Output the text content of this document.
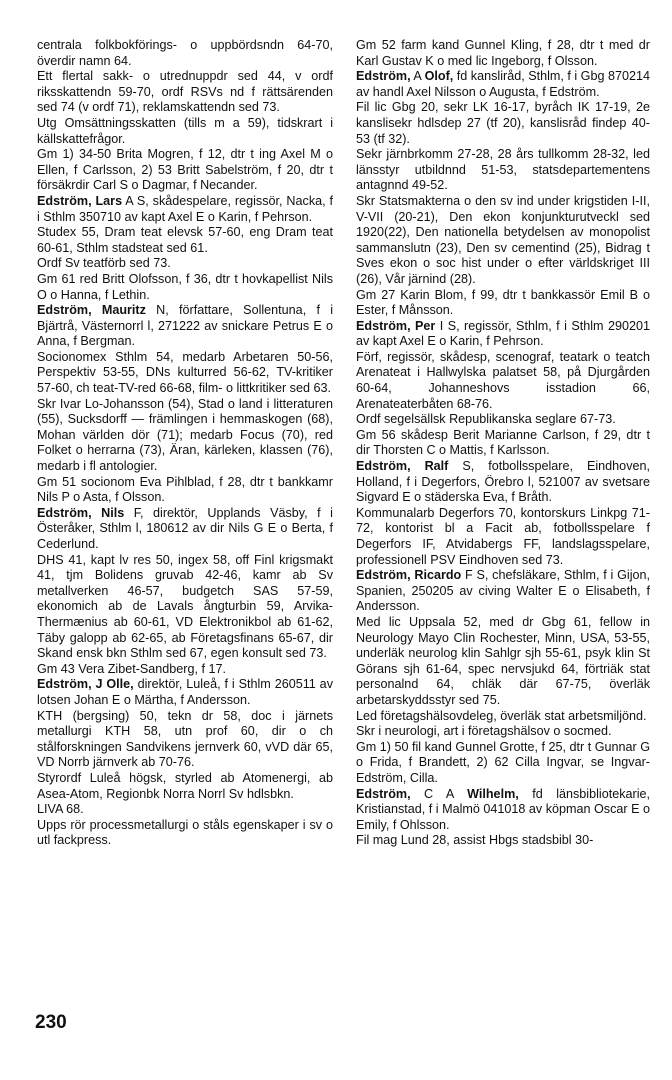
centrala folkbokförings- o uppbördsndn 64-70, överdir namn 64.

Ett flertal sakk- o utrednuppdr sed 44, v ordf riksskattendn 59-70, ordf RSVs nd f rättsärenden sed 74 (v ordf 71), reklamskattendn sed 73.

Utg Omsättningsskatten (tills m a 59), tidskrart i källskattefrågor.

Gm 1) 34-50 Brita Mogren, f 12, dtr t ing Axel M o Ellen, f Carlsson, 2) 53 Britt Sabelström, f 20, dtr t försäkrdir Carl S o Dagmar, f Necander.

Edström, Lars A S, skådespelare, regissör, Nacka, f i Sthlm 350710 av kapt Axel E o Karin, f Pehrson.

Studex 55, Dram teat elevsk 57-60, eng Dram teat 60-61, Sthlm stadsteat sed 61.

Ordf Sv teatförb sed 73.

Gm 61 red Britt Olofsson, f 36, dtr t hovkapellist Nils O o Hanna, f Lethin.

Edström, Mauritz N, författare, Sollentuna, f i Bjärtrå, Västernorrl l, 271222 av snickare Petrus E o Anna, f Bergman.

Socionomex Sthlm 54, medarb Arbetaren 50-56, Perspektiv 53-55, DNs kulturred 56-62, TV-kritiker 57-60, ch teat-TV-red 66-68, film- o littkritiker sed 63.

Skr Ivar Lo-Johansson (54), Stad o land i litteraturen (55), Sucksdorff — främlingen i hemmaskogen (68), Mohan världen dör (71); medarb Focus (70), red Folket o herrarna (73), Äran, kärleken, klassen (76), medarb i fl antologier.

Gm 51 socionom Eva Pihlblad, f 28, dtr t bankkamr Nils P o Asta, f Olsson.

Edström, Nils F, direktör, Upplands Väsby, f i Österåker, Sthlm l, 180612 av dir Nils G E o Berta, f Cederlund.

DHS 41, kapt lv res 50, ingex 58, off Finl krigsmakt 41, tjm Bolidens gruvab 42-46, kamr ab Sv metallverken 46-57, budgetch SAS 57-59, ekonomich ab de Lavals ångturbin 59, Arvika-Thermænius ab 60-61, VD Elektronikbol ab 61-62, Täby galopp ab 62-65, ab Företagsfinans 65-67, dir Skand ensk bkn Sthlm sed 67, egen konsult sed 73.

Gm 43 Vera Zibet-Sandberg, f 17.

Edström, J Olle, direktör, Luleå, f i Sthlm 260511 av lotsen Johan E o Märtha, f Andersson.

KTH (bergsing) 50, tekn dr 58, doc i järnets metallurgi KTH 58, utn prof 60, dir o ch stålforskningen Sandvikens jernverk 60, vVD där 65, VD Norrb järnverk ab 70-76.

Styrordf Luleå högsk, styrled ab Atomenergi, ab Asea-Atom, Regionbk Norra Norrl Sv hdlsbkn.

LIVA 68.

Upps rör processmetallurgi o ståls egenskaper i sv o utl fackpress.

Gm 52 farm kand Gunnel Kling, f 28, dtr t med dr Karl Gustav K o med lic Ingeborg, f Olsson.

Edström, A Olof, fd kansliråd, Sthlm, f i Gbg 870214 av handl Axel Nilsson o Augusta, f Edström.

Fil lic Gbg 20, sekr LK 16-17, byråch IK 17-19, 2e kanslisekr hdlsdep 27 (tf 20), kanslisråd findep 40-53 (tf 32).

Sekr järnbrkomm 27-28, 28 års tullkomm 28-32, led länsstyr utbildnnd 51-53, statsdepartementens antagnnd 49-52.

Skr Statsmakterna o den sv ind under krigstiden I-II, V-VII (20-21), Den ekon konjunkturutveckl sed 1920(22), Den nationella betydelsen av monopolist sammanslutn (23), Den sv cementind (25), Bidrag t Sves ekon o soc hist under o efter världskriget III (26), Vår järnind (28).

Gm 27 Karin Blom, f 99, dtr t bankkassör Emil B o Ester, f Månsson.

Edström, Per I S, regissör, Sthlm, f i Sthlm 290201 av kapt Axel E o Karin, f Pehrson.

Förf, regissör, skådesp, scenograf, teatark o teatch Arenateat i Hallwylska palatset 58, på Djurgården 60-64, Johanneshovs isstadion 66, Arenateaterbåten 68-76.

Ordf segelsällsk Republikanska seglare 67-73.

Gm 56 skådesp Berit Marianne Carlson, f 29, dtr t dir Thorsten C o Mattis, f Karlsson.

Edström, Ralf S, fotbollsspelare, Eindhoven, Holland, f i Degerfors, Örebro l, 521007 av svetsare Sigvard E o städerska Eva, f Bråth.

Kommunalarb Degerfors 70, kontorskurs Linkpg 71-72, kontorist bl a Facit ab, fotbollsspelare f Degerfors IF, Atvidabergs FF, landslagsspelare, professionell PSV Eindhoven sed 73.

Edström, Ricardo F S, chefsläkare, Sthlm, f i Gijon, Spanien, 250205 av civing Walter E o Elisabeth, f Andersson.

Med lic Uppsala 52, med dr Gbg 61, fellow in Neurology Mayo Clin Rochester, Minn, USA, 53-55, underläk neurolog klin Sahlgr sjh 55-61, psyk klin St Görans sjh 61-64, spec nervsjukd 64, förtriäk stat personalnd 64, chläk där 67-75, överläk arbetarskyddsstyr sed 75.

Led företagshälsovdeleg, överläk stat arbetsmiljönd.

Skr i neurologi, art i företagshälsov o socmed.

Gm 1) 50 fil kand Gunnel Grotte, f 25, dtr t Gunnar G o Frida, f Brandett, 2) 62 Cilla Ingvar, se Ingvar-Edström, Cilla.

Edström, C A Wilhelm, fd länsbibliotekarie, Kristianstad, f i Malmö 041018 av köpman Oscar E o Emily, f Ohlsson.

Fil mag Lund 28, assist Hbgs stadsbibl 30-

230
